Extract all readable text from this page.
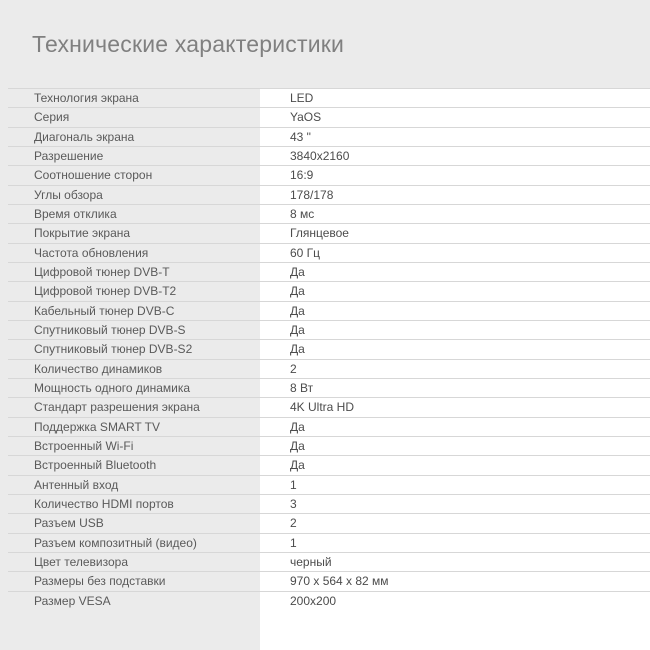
Технические характеристики
Технология экрана	LED
Серия	YaOS
Диагональ экрана	43 "
Разрешение	3840x2160
Соотношение сторон	16:9
Углы обзора	178/178
Время отклика	8 мс
Покрытие экрана	Глянцевое
Частота обновления	60 Гц
Цифровой тюнер DVB-T	Да
Цифровой тюнер DVB-T2	Да
Кабельный тюнер DVB-C	Да
Спутниковый тюнер DVB-S	Да
Спутниковый тюнер DVB-S2	Да
Количество динамиков	2
Мощность одного динамика	8 Вт
Стандарт разрешения экрана	4K Ultra HD
Поддержка SMART TV	Да
Встроенный Wi-Fi	Да
Встроенный Bluetooth	Да
Антенный вход	1
Количество HDMI портов	3
Разъем USB	2
Разъем композитный (видео)	1
Цвет телевизора	черный
Размеры без подставки	970 x 564 x 82 мм
Размер VESA	200x200
